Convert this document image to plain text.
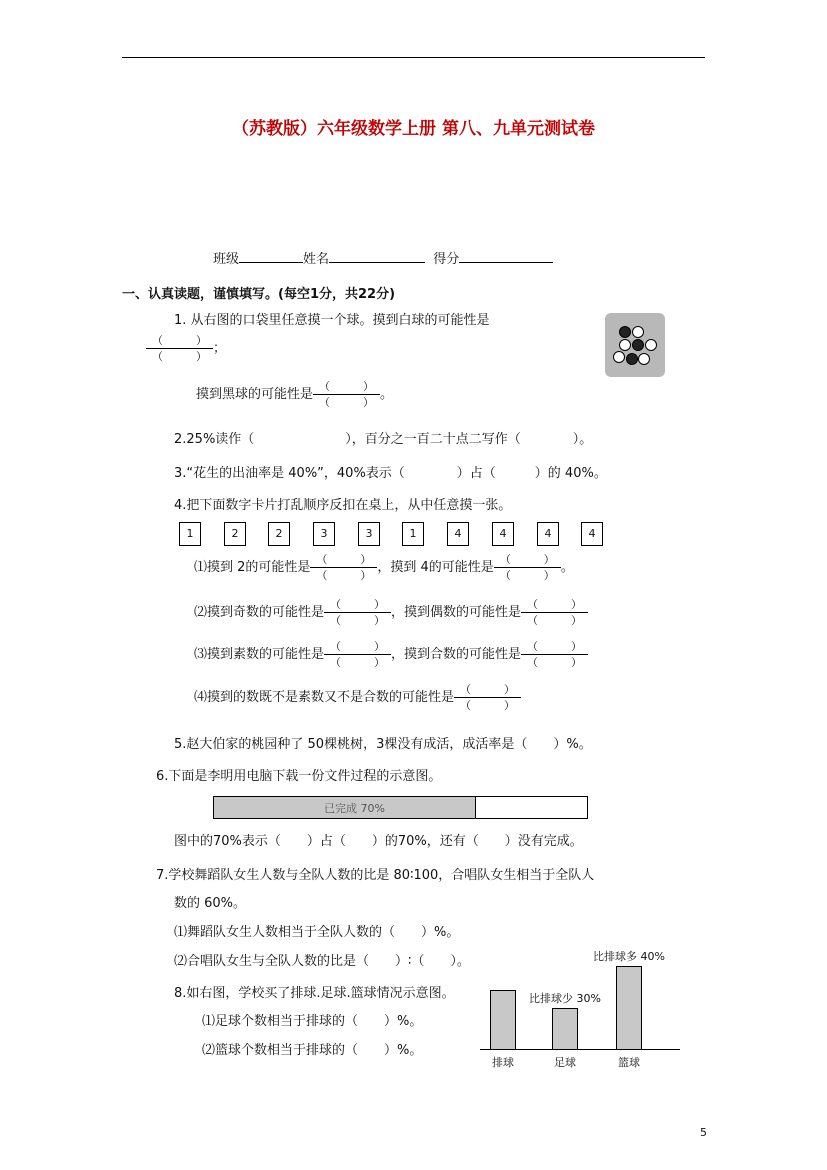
（苏教版）六年级数学上册 第八、九单元测试卷
班级	姓名	得分
一、认真读题，谨慎填写。(每空1分，共22分)
1. 从右图的口袋里任意摸一个球。摸到白球的可能性是
$\frac{( )}{( )}$ ；
摸到黑球的可能性是 $\frac{( )}{( )}$ 。
2.25%读作（　　　　　　　），百分之一百二十点二写作（　　　　）。
3.“花生的出油率是 40%”，40%表示（　　　　）占（　　　）的 40%。
4.把下面数字卡片打乱顺序反扣在桌上，从中任意摸一张。
1	2	2	3	3	1	4	4	4	4
⑴摸到 2的可能性是 $\frac{( )}{( )}$ ，摸到 4的可能性是 $\frac{( )}{( )}$ 。
⑵摸到奇数的可能性是 $\frac{( )}{( )}$ ，摸到偶数的可能性是 $\frac{( )}{( )}$
⑶摸到素数的可能性是 $\frac{( )}{( )}$ ，摸到合数的可能性是 $\frac{( )}{( )}$
⑷摸到的数既不是素数又不是合数的可能性是 $\frac{( )}{( )}$
5.赵大伯家的桃园种了 50棵桃树，3棵没有成活，成活率是（　　）%。
6.下面是李明用电脑下载一份文件过程的示意图。
已完成 70%
图中的70%表示（　　）占（　　）的70%，还有（　　）没有完成。
7.学校舞蹈队女生人数与全队人数的比是 80∶100，合唱队女生相当于全队人
数的 60%。
⑴舞蹈队女生人数相当于全队人数的（　　）%。
⑵合唱队女生与全队人数的比是（　　）∶（　　）。
8.如右图，学校买了排球.足球.篮球情况示意图。
⑴足球个数相当于排球的（　　）%。
⑵篮球个数相当于排球的（　　）%。
排球	足球
比排球少 30%
篮球
比排球多 40%
5
